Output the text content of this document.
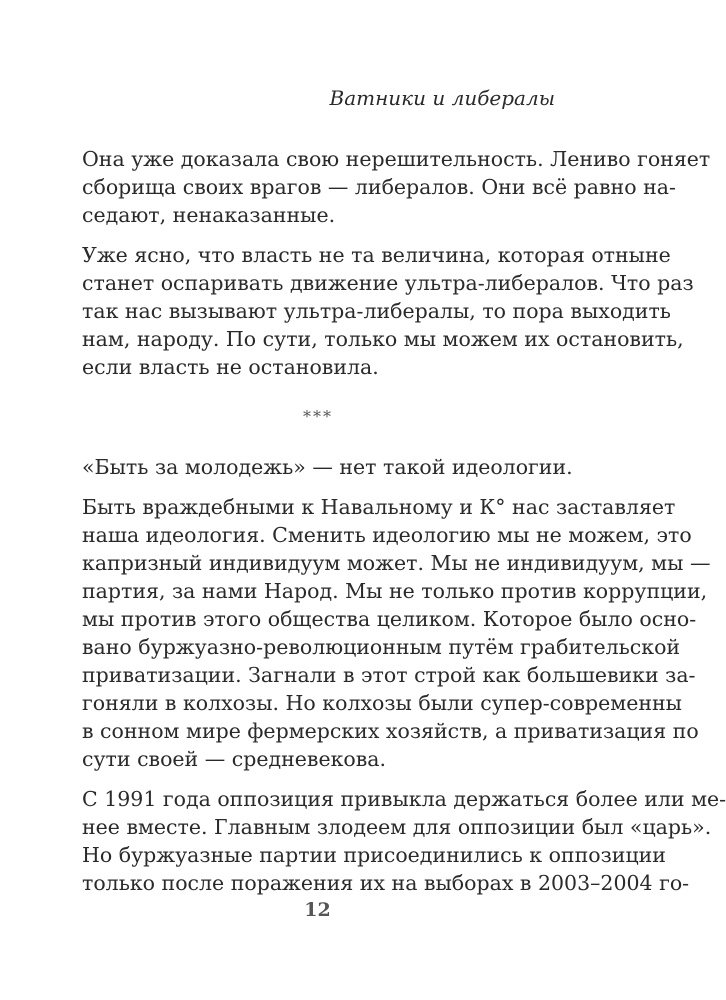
Ватники и либералы

Она уже доказала свою нерешительность. Лениво гоняет
сборища своих врагов — либералов. Они всё равно на-
седают, ненаказанные.

Уже ясно, что власть не та величина, которая отныне
станет оспаривать движение ультра-либералов. Что раз
так нас вызывают ультра-либералы, то пора выходить
нам, народу. По сути, только мы можем их остановить,
если власть не остановила.

***

«Быть за молодежь» — нет такой идеологии.

Быть враждебными к Навальному и К° нас заставляет
наша идеология. Сменить идеологию мы не можем, это
капризный индивидуум может. Мы не индивидуум, мы —
партия, за нами Народ. Мы не только против коррупции,
мы против этого общества целиком. Которое было осно-
вано буржуазно-революционным путём грабительской
приватизации. Загнали в этот строй как большевики за-
гоняли в колхозы. Но колхозы были супер-современны
в сонном мире фермерских хозяйств, а приватизация по
сути своей — средневекова.

С 1991 года оппозиция привыкла держаться более или ме-
нее вместе. Главным злодеем для оппозиции был «царь».
Но буржуазные партии присоединились к оппозиции
только после поражения их на выборах в 2003–2004 го-

12
